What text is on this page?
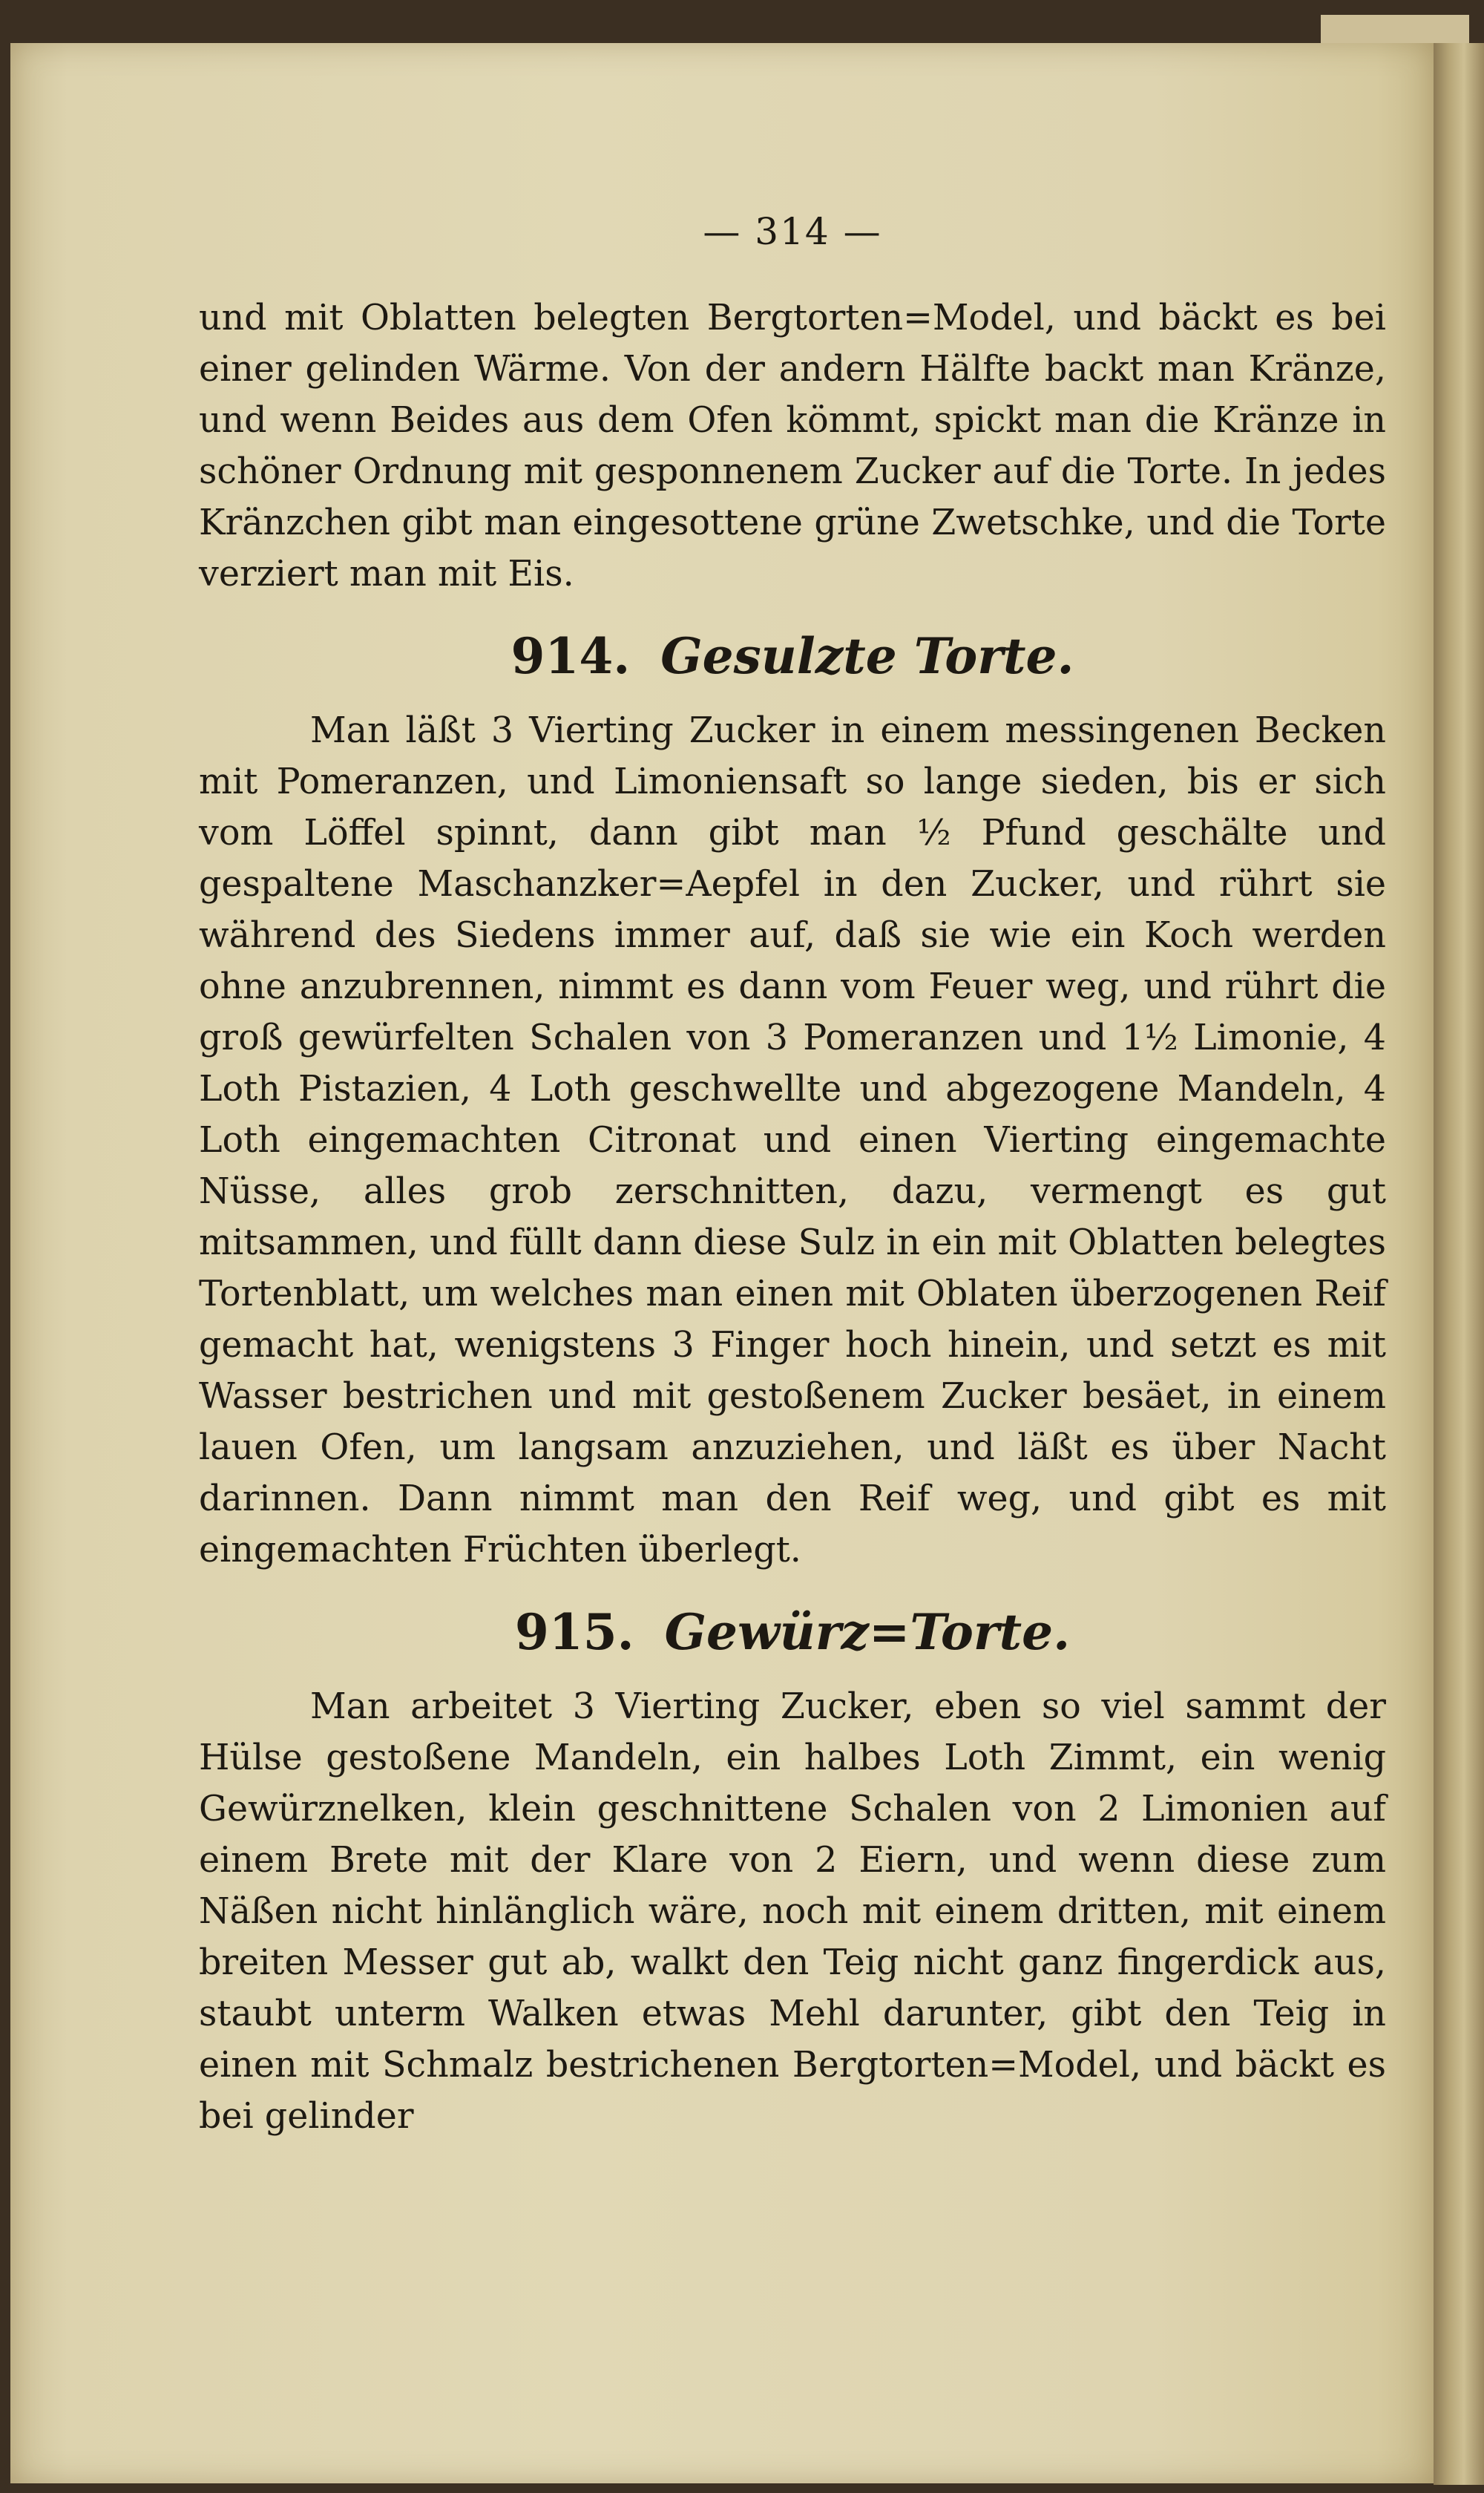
— 314 —

und mit Oblatten belegten Bergtorten=Model, und bäckt es bei einer gelinden Wärme. Von der andern Hälfte backt man Kränze, und wenn Beides aus dem Ofen kömmt, spickt man die Kränze in schöner Ordnung mit gesponnenem Zucker auf die Torte. In jedes Kränzchen gibt man eingesottene grüne Zwetschke, und die Torte verziert man mit Eis.

914. Gesulzte Torte.

Man läßt 3 Vierting Zucker in einem messingenen Becken mit Pomeranzen, und Limoniensaft so lange sieden, bis er sich vom Löffel spinnt, dann gibt man ½ Pfund geschälte und gespaltene Maschanzker=Aepfel in den Zucker, und rührt sie während des Siedens immer auf, daß sie wie ein Koch werden ohne anzubrennen, nimmt es dann vom Feuer weg, und rührt die groß gewürfelten Schalen von 3 Pomeranzen und 1½ Limonie, 4 Loth Pistazien, 4 Loth geschwellte und abgezogene Mandeln, 4 Loth eingemachten Citronat und einen Vierting eingemachte Nüsse, alles grob zerschnitten, dazu, vermengt es gut mitsammen, und füllt dann diese Sulz in ein mit Oblatten belegtes Tortenblatt, um welches man einen mit Oblaten überzogenen Reif gemacht hat, wenigstens 3 Finger hoch hinein, und setzt es mit Wasser bestrichen und mit gestoßenem Zucker besäet, in einem lauen Ofen, um langsam anzuziehen, und läßt es über Nacht darinnen. Dann nimmt man den Reif weg, und gibt es mit eingemachten Früchten überlegt.

915. Gewürz=Torte.

Man arbeitet 3 Vierting Zucker, eben so viel sammt der Hülse gestoßene Mandeln, ein halbes Loth Zimmt, ein wenig Gewürznelken, klein geschnittene Schalen von 2 Limonien auf einem Brete mit der Klare von 2 Eiern, und wenn diese zum Näßen nicht hinlänglich wäre, noch mit einem dritten, mit einem breiten Messer gut ab, walkt den Teig nicht ganz fingerdick aus, staubt unterm Walken etwas Mehl darunter, gibt den Teig in einen mit Schmalz bestrichenen Bergtorten=Model, und bäckt es bei gelinder
